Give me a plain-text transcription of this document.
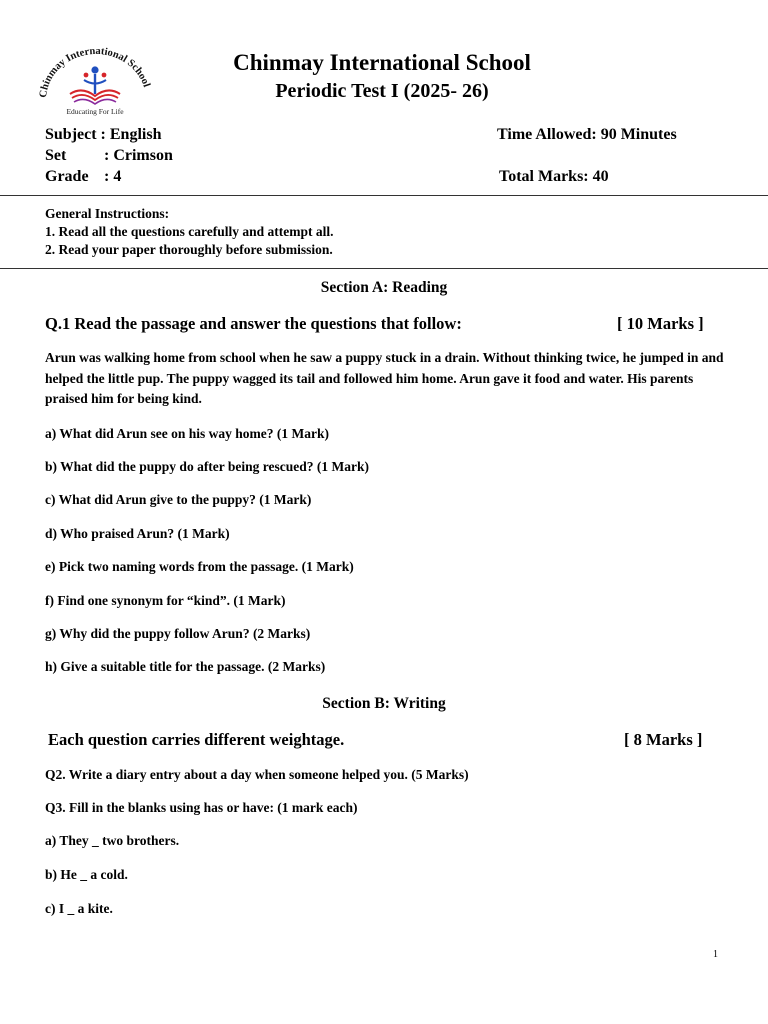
Chinmay International School
Educating For Life
Chinmay International School
Periodic Test I (2025- 26)
Subject : English
Set : Crimson
Grade : 4
Time Allowed: 90 Minutes
Total Marks: 40
General Instructions:
1. Read all the questions carefully and attempt all.
2. Read your paper thoroughly before submission.
Section A: Reading
Q.1 Read the passage and answer the questions that follow:	[ 10 Marks ]
Arun was walking home from school when he saw a puppy stuck in a drain. Without thinking twice, he jumped in and helped the little pup. The puppy wagged its tail and followed him home. Arun gave it food and water. His parents praised him for being kind.
a) What did Arun see on his way home? (1 Mark)
b) What did the puppy do after being rescued? (1 Mark)
c) What did Arun give to the puppy? (1 Mark)
d) Who praised Arun? (1 Mark)
e) Pick two naming words from the passage. (1 Mark)
f) Find one synonym for “kind”. (1 Mark)
g) Why did the puppy follow Arun? (2 Marks)
h) Give a suitable title for the passage. (2 Marks)
Section B: Writing
Each question carries different weightage.	[ 8 Marks ]
Q2. Write a diary entry about a day when someone helped you. (5 Marks)
Q3. Fill in the blanks using has or have: (1 mark each)
a) They _ two brothers.
b) He _ a cold.
c) I _ a kite.
1
